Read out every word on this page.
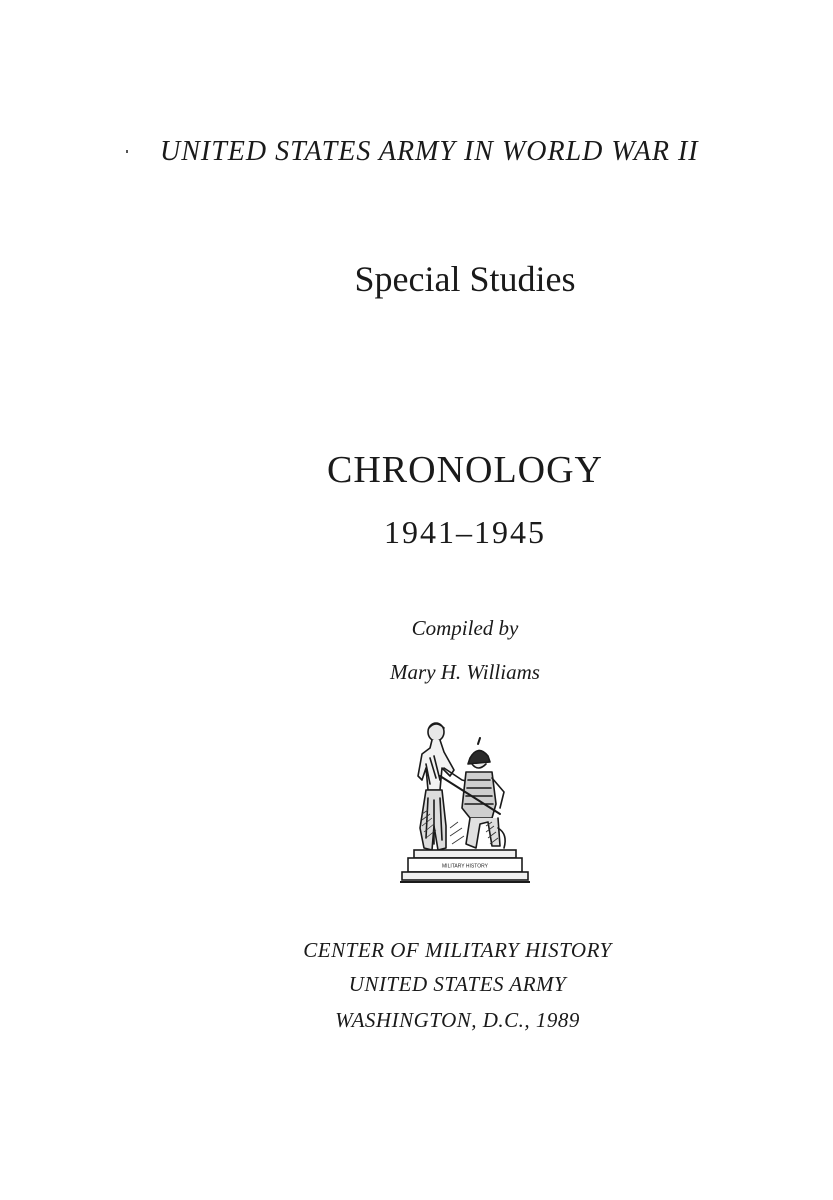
UNITED STATES ARMY IN WORLD WAR II
Special Studies
CHRONOLOGY
1941–1945
Compiled by
Mary H. Williams
MILITARY HISTORY
CENTER OF MILITARY HISTORY
UNITED STATES ARMY
WASHINGTON, D.C., 1989
